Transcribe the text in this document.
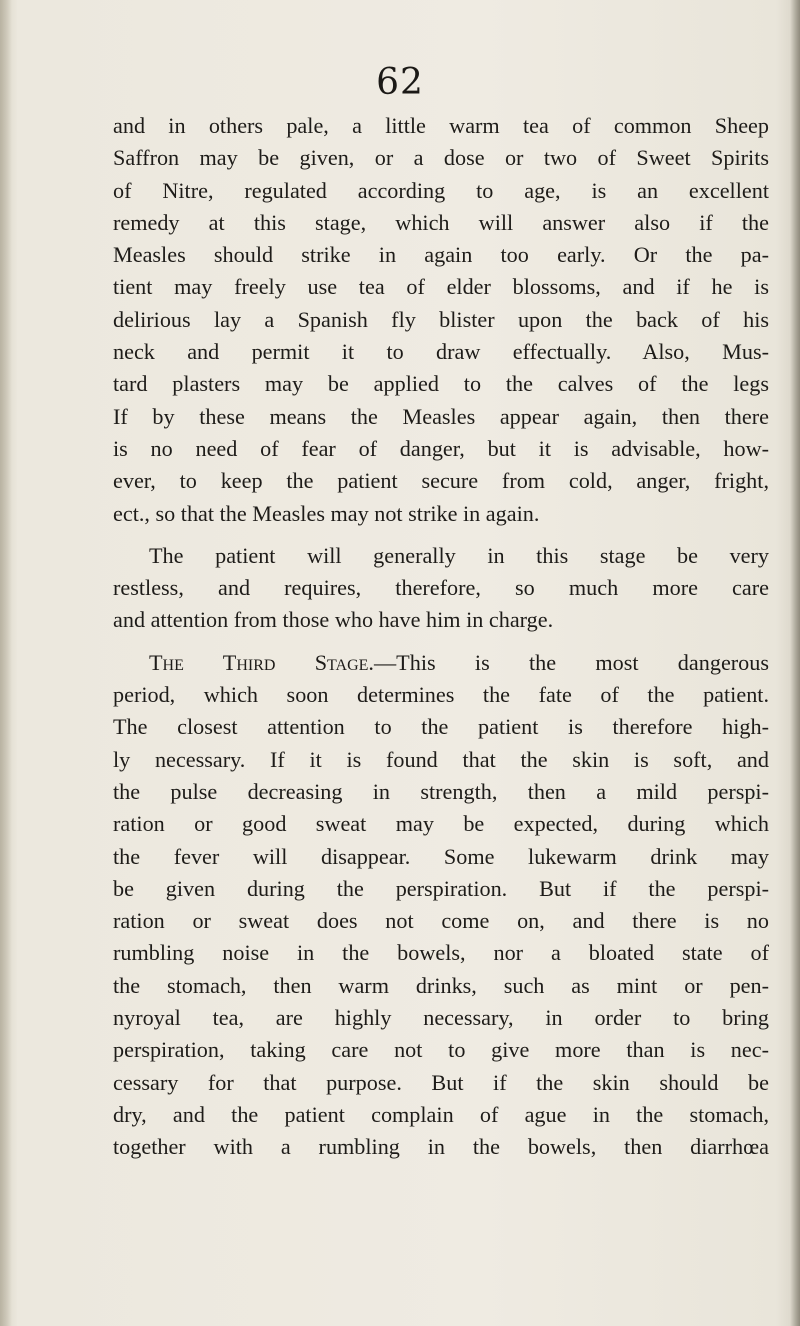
62
and in others pale, a little warm tea of common Sheep
Saffron may be given, or a dose or two of Sweet Spirits
of Nitre, regulated according to age, is an excellent
remedy at this stage, which will answer also if the
Measles should strike in again too early. Or the pa-
tient may freely use tea of elder blossoms, and if he is
delirious lay a Spanish fly blister upon the back of his
neck and permit it to draw effectually. Also, Mus-
tard plasters may be applied to the calves of the legs
If by these means the Measles appear again, then there
is no need of fear of danger, but it is advisable, how-
ever, to keep the patient secure from cold, anger, fright,
ect., so that the Measles may not strike in again.
The patient will generally in this stage be very
restless, and requires, therefore, so much more care
and attention from those who have him in charge.
The Third Stage.—This is the most dangerous
period, which soon determines the fate of the patient.
The closest attention to the patient is therefore high-
ly necessary. If it is found that the skin is soft, and
the pulse decreasing in strength, then a mild perspi-
ration or good sweat may be expected, during which
the fever will disappear. Some lukewarm drink may
be given during the perspiration. But if the perspi-
ration or sweat does not come on, and there is no
rumbling noise in the bowels, nor a bloated state of
the stomach, then warm drinks, such as mint or pen-
nyroyal tea, are highly necessary, in order to bring
perspiration, taking care not to give more than is nec-
cessary for that purpose. But if the skin should be
dry, and the patient complain of ague in the stomach,
together with a rumbling in the bowels, then diarrhœa
